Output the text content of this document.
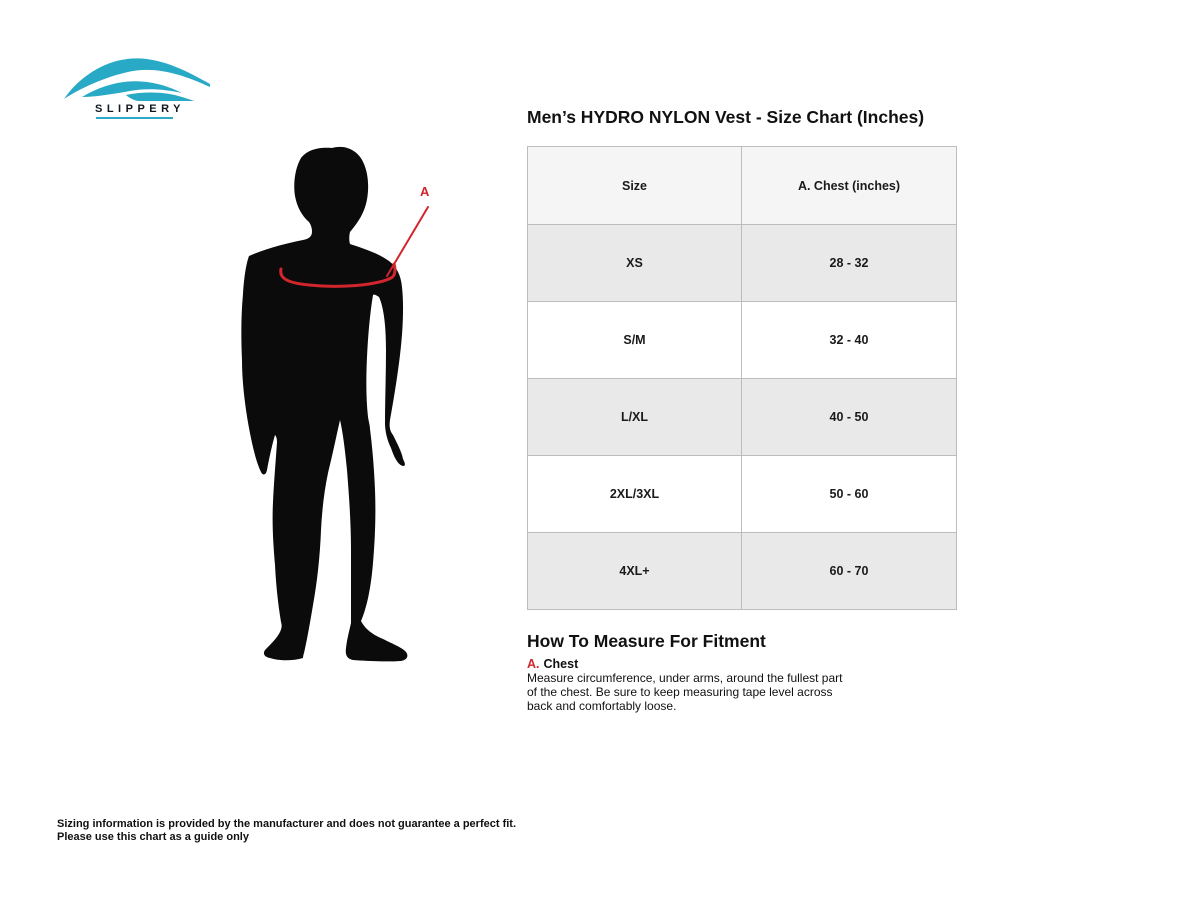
SLIPPERY
A
Men’s HYDRO NYLON Vest - Size Chart (Inches)
Size	A. Chest (inches)
XS	28 - 32
S/M	32 - 40
L/XL	40 - 50
2XL/3XL	50 - 60
4XL+	60 - 70
How To Measure For Fitment
A. Chest
Measure circumference, under arms, around the fullest part of the chest. Be sure to keep measuring tape level across back and comfortably loose.
Sizing information is provided by the manufacturer and does not guarantee a perfect fit.
Please use this chart as a guide only
